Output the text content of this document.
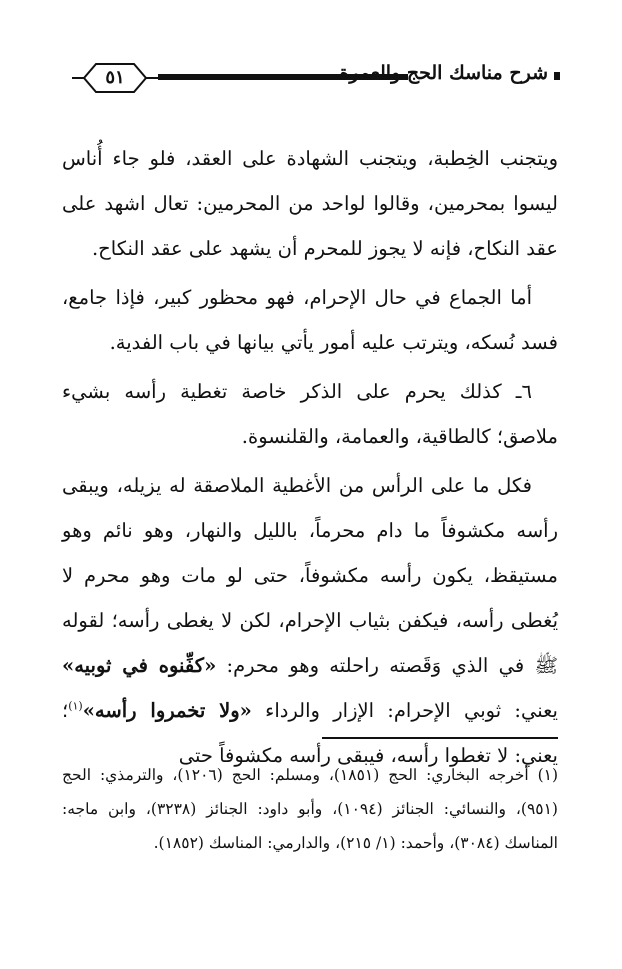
٥١	شرح مناسك الحج والعمرة

ويتجنب الخِطبة، ويتجنب الشهادة على العقد، فلو جاء أُناس ليسوا بمحرمين، وقالوا لواحد من المحرمين: تعال اشهد على عقد النكاح، فإنه لا يجوز للمحرم أن يشهد على عقد النكاح.

أما الجماع في حال الإحرام، فهو محظور كبير، فإذا جامع، فسد نُسكه، ويترتب عليه أمور يأتي بيانها في باب الفدية.

٦ـ كذلك يحرم على الذكر خاصة تغطية رأسه بشيء ملاصق؛ كالطاقية، والعمامة، والقلنسوة.

فكل ما على الرأس من الأغطية الملاصقة له يزيله، ويبقى رأسه مكشوفاً ما دام محرماً، بالليل والنهار، وهو نائم وهو مستيقظ، يكون رأسه مكشوفاً، حتى لو مات وهو محرم لا يُغطى رأسه، فيكفن بثياب الإحرام، لكن لا يغطى رأسه؛ لقوله ﷺ في الذي وَقَصته راحلته وهو محرم: «كفِّنوه في ثوبيه» يعني: ثوبي الإحرام: الإزار والرداء «ولا تخمروا رأسه»$^{(١)}$؛ يعني: لا تغطوا رأسه، فيبقى رأسه مكشوفاً حتى

(١) أخرجه البخاري: الحج (١٨٥١)، ومسلم: الحج (١٢٠٦)، والترمذي: الحج (٩٥١)، والنسائي: الجنائز (١٠٩٤)، وأبو داود: الجنائز (٣٢٣٨)، وابن ماجه: المناسك (٣٠٨٤)، وأحمد: (١/ ٢١٥)، والدارمي: المناسك (١٨٥٢).
